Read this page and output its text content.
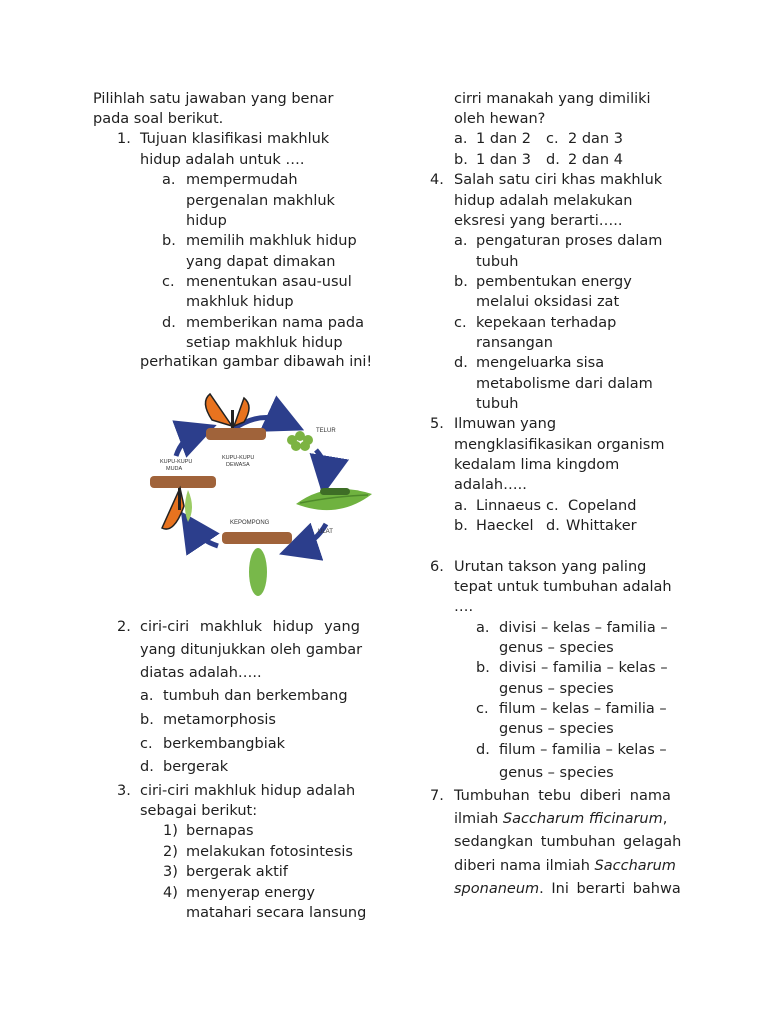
Pilihlah satu jawaban yang benar
pada soal berikut.
1. Tujuan klasifikasi makhluk
hidup adalah untuk ….
a. mempermudah
pergenalan makhluk
hidup
b. memilih makhluk hidup
yang dapat dimakan
c. menentukan asau-usul
makhluk hidup
d. memberikan nama pada
setiap makhluk hidup
perhatikan gambar dibawah ini!
TELUR
ULAT
KEPOMPONG
KUPU-KUPU
DEWASA
KUPU-KUPU
MUDA
2. ciri-ciri makhluk hidup yang
yang ditunjukkan oleh gambar
diatas adalah…..
a. tumbuh dan berkembang
b. metamorphosis
c. berkembangbiak
d. bergerak
3. ciri-ciri makhluk hidup adalah
sebagai berikut:
1) bernapas
2) melakukan fotosintesis
3) bergerak aktif
4) menyerap energy
matahari secara lansung
cirri manakah yang dimiliki
oleh hewan?
a. 1 dan 2 c. 2 dan 3
b. 1 dan 3 d. 2 dan 4
4. Salah satu ciri khas makhluk
hidup adalah melakukan
eksresi yang berarti…..
a. pengaturan proses dalam
tubuh
b. pembentukan energy
melalui oksidasi zat
c. kepekaan terhadap
ransangan
d. mengeluarka sisa
metabolisme dari dalam
tubuh
5. Ilmuwan yang
mengklasifikasikan organism
kedalam lima kingdom
adalah…..
a. Linnaeus c. Copeland
b. Haeckel d. Whittaker
6. Urutan takson yang paling
tepat untuk tumbuhan adalah
….
a. divisi – kelas – familia –
genus – species
b. divisi – familia – kelas –
genus – species
c. filum – kelas – familia –
genus – species
d. filum – familia – kelas –
genus – species
7. Tumbuhan tebu diberi nama
ilmiah Saccharum fficinarum,
sedangkan tumbuhan gelagah
diberi nama ilmiah Saccharum
sponaneum. Ini berarti bahwa
